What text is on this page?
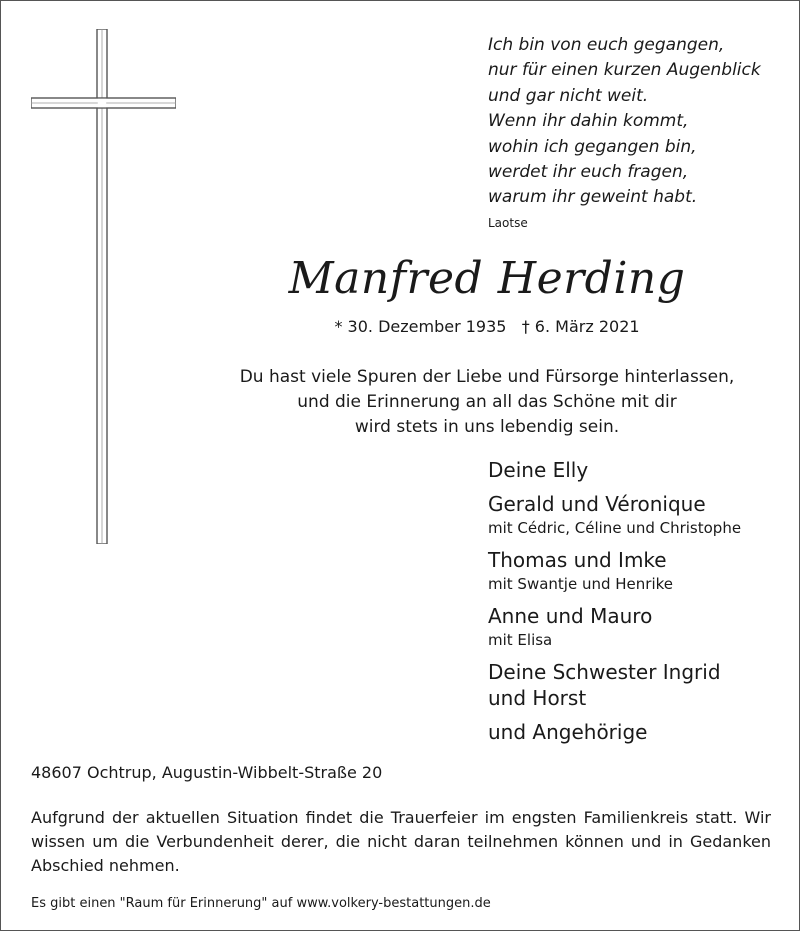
Ich bin von euch gegangen,
nur für einen kurzen Augenblick
und gar nicht weit.
Wenn ihr dahin kommt,
wohin ich gegangen bin,
werdet ihr euch fragen,
warum ihr geweint habt.
Laotse
Manfred Herding
* 30. Dezember 1935 † 6. März 2021
Du hast viele Spuren der Liebe und Fürsorge hinterlassen,
und die Erinnerung an all das Schöne mit dir
wird stets in uns lebendig sein.
Deine Elly
Gerald und Véronique
mit Cédric, Céline und Christophe
Thomas und Imke
mit Swantje und Henrike
Anne und Mauro
mit Elisa
Deine Schwester Ingrid
und Horst
und Angehörige
48607 Ochtrup, Augustin-Wibbelt-Straße 20
Aufgrund der aktuellen Situation findet die Trauerfeier im engsten Familienkreis statt. Wir wissen um die Verbundenheit derer, die nicht daran teilnehmen können und in Gedanken Abschied nehmen.
Es gibt einen "Raum für Erinnerung" auf www.volkery-bestattungen.de
